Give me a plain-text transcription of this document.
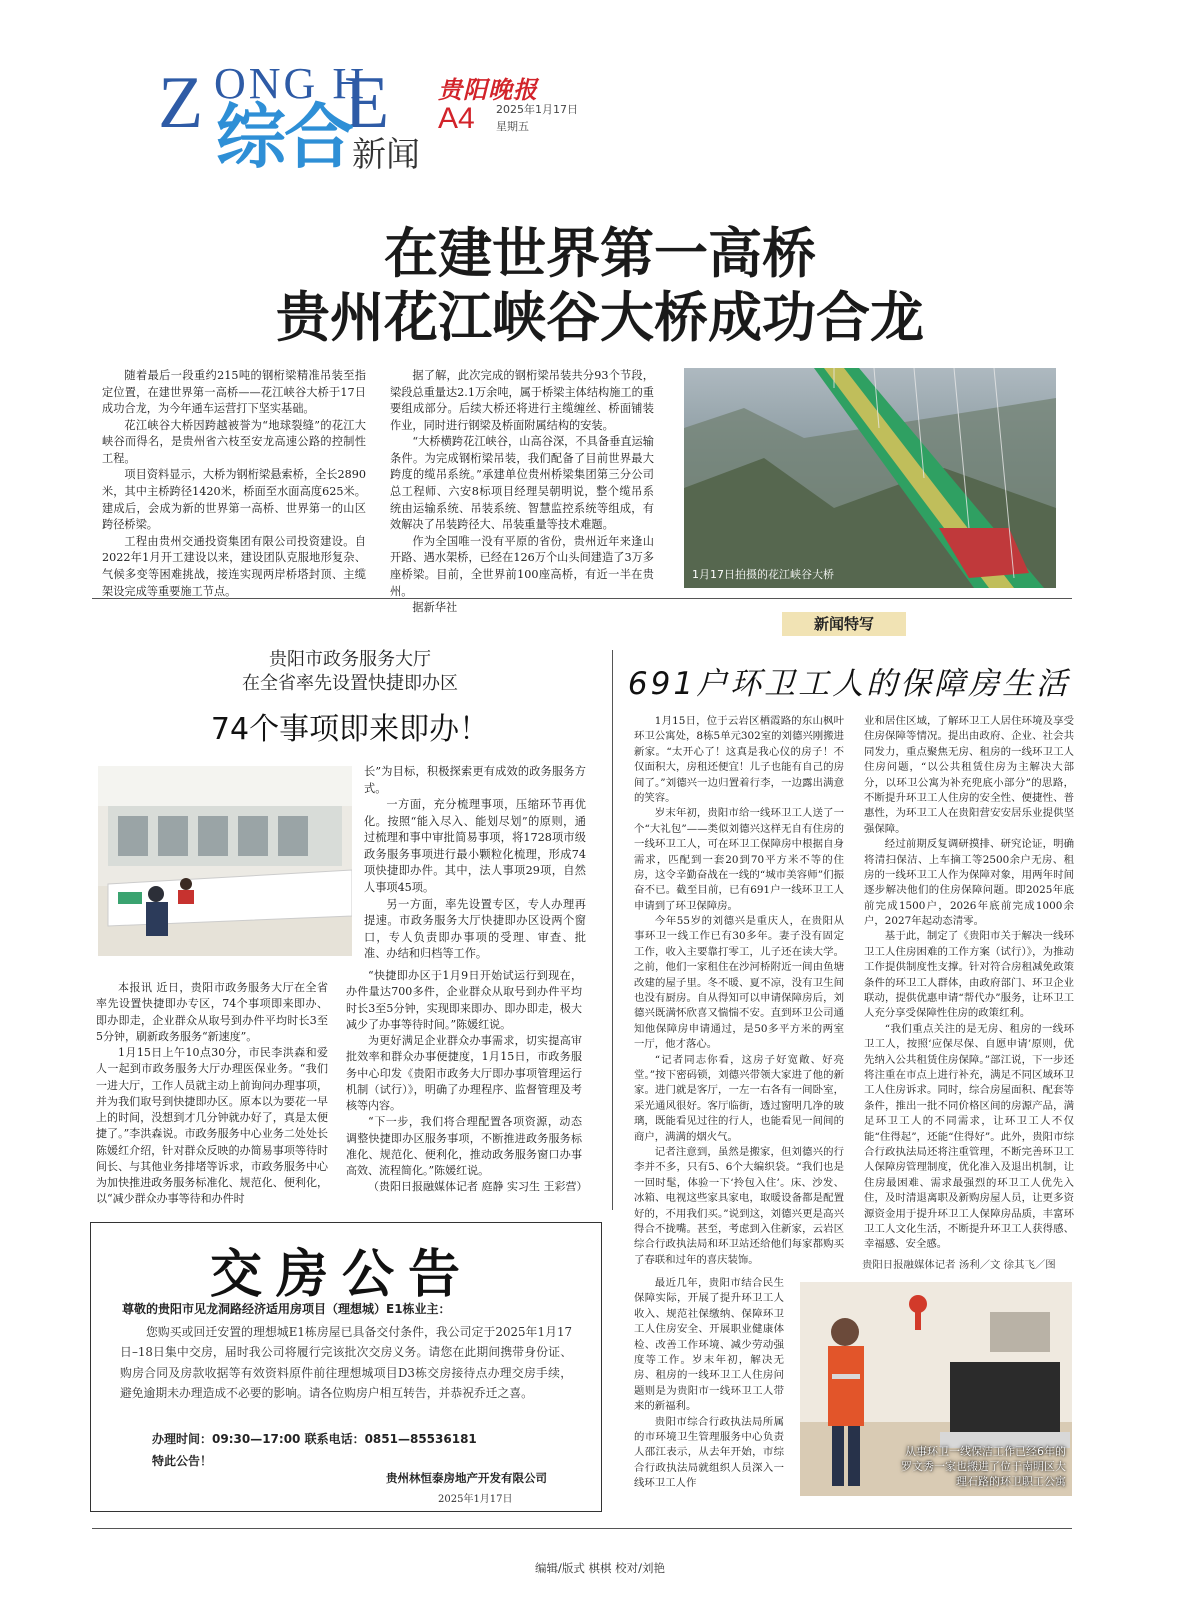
Z ONG H
E
综合 新闻
贵阳晚报
A4 2025年1月17日
星期五
在建世界第一高桥
贵州花江峡谷大桥成功合龙

随着最后一段重约215吨的钢桁梁精准吊装至指定位置，在建世界第一高桥——花江峡谷大桥于17日成功合龙，为今年通车运营打下坚实基础。

花江峡谷大桥因跨越被誉为“地球裂缝”的花江大峡谷而得名，是贵州省六枝至安龙高速公路的控制性工程。

项目资料显示，大桥为钢桁梁悬索桥，全长2890米，其中主桥跨径1420米，桥面至水面高度625米。建成后，会成为新的世界第一高桥、世界第一的山区跨径桥梁。

工程由贵州交通投资集团有限公司投资建设。自2022年1月开工建设以来，建设团队克服地形复杂、气候多变等困难挑战，接连实现两岸桥塔封顶、主缆架设完成等重要施工节点。

据了解，此次完成的钢桁梁吊装共分93个节段，梁段总重量达2.1万余吨，属于桥梁主体结构施工的重要组成部分。后续大桥还将进行主缆缠丝、桥面铺装作业，同时进行钢梁及桥面附属结构的安装。

“大桥横跨花江峡谷，山高谷深，不具备垂直运输条件。为完成钢桁梁吊装，我们配备了目前世界最大跨度的缆吊系统。”承建单位贵州桥梁集团第三分公司总工程师、六安8标项目经理吴朝明说，整个缆吊系统由运输系统、吊装系统、智慧监控系统等组成，有效解决了吊装跨径大、吊装重量等技术难题。

作为全国唯一没有平原的省份，贵州近年来逢山开路、遇水架桥，已经在126万个山头间建造了3万多座桥梁。目前，全世界前100座高桥，有近一半在贵州。

据新华社

1月17日拍摄的花江峡谷大桥
新闻特写
贵阳市政务服务大厅
在全省率先设置快捷即办区
74个事项即来即办！

长”为目标，积极探索更有成效的政务服务方式。

一方面，充分梳理事项，压缩环节再优化。按照“能入尽入、能划尽划”的原则，通过梳理和事中审批简易事项，将1728项市级政务服务事项进行最小颗粒化梳理，形成74项快捷即办件。其中，法人事项29项，自然人事项45项。

另一方面，率先设置专区，专人办理再提速。市政务服务大厅快捷即办区设两个窗口，专人负责即办事项的受理、审查、批准、办结和归档等工作。

本报讯 近日，贵阳市政务服务大厅在全省率先设置快捷即办专区，74个事项即来即办、即办即走，企业群众从取号到办件平均时长3至5分钟，刷新政务服务“新速度”。

1月15日上午10点30分，市民李洪森和爱人一起到市政务服务大厅办理医保业务。“我们一进大厅，工作人员就主动上前询问办理事项，并为我们取号到快捷即办区。原本以为要花一早上的时间，没想到才几分钟就办好了，真是太便捷了。”李洪森说。市政务服务中心业务二处处长陈媛红介绍，针对群众反映的办简易事项等待时间长、与其他业务排堵等诉求，市政务服务中心为加快推进政务服务标准化、规范化、便利化，以“减少群众办事等待和办件时

“快捷即办区于1月9日开始试运行到现在，办件量达700多件，企业群众从取号到办件平均时长3至5分钟，实现即来即办、即办即走，极大减少了办事等待时间。”陈媛红说。

为更好满足企业群众办事需求，切实提高审批效率和群众办事便捷度，1月15日，市政务服务中心印发《贵阳市政务大厅即办事项管理运行机制（试行）》，明确了办理程序、监督管理及考核等内容。

“下一步，我们将合理配置各项资源，动态调整快捷即办区服务事项，不断推进政务服务标准化、规范化、便利化，推动政务服务窗口办事高效、流程简化。”陈媛红说。

（贵阳日报融媒体记者 庭静 实习生 王彩营）

交房公告
尊敬的贵阳市见龙洞路经济适用房项目（理想城）E1栋业主：
您购买或回迁安置的理想城E1栋房屋已具备交付条件，我公司定于2025年1月17日–18日集中交房，届时我公司将履行完该批次交房义务。请您在此期间携带身份证、购房合同及房款收据等有效资料原件前往理想城项目D3栋交房接待点办理交房手续，避免逾期未办理造成不必要的影响。请各位购房户相互转告，并恭祝乔迁之喜。
办理时间：09:30—17:00 联系电话：0851—85536181
特此公告！
贵州林恒泰房地产开发有限公司
2025年1月17日
691户环卫工人的保障房生活

1月15日，位于云岩区栖霞路的东山枫叶环卫公寓处，8栋5单元302室的刘德兴刚搬进新家。“太开心了！这真是我心仪的房子！不仅面积大，房租还便宜！儿子也能有自己的房间了。”刘德兴一边归置着行李，一边露出满意的笑容。

岁末年初，贵阳市给一线环卫工人送了一个“大礼包”——类似刘德兴这样无自有住房的一线环卫工人，可在环卫工保障房中根据自身需求，匹配到一套20到70平方米不等的住房，这令辛勤奋战在一线的“城市美容师”们振奋不已。截至目前，已有691户一线环卫工人申请到了环卫保障房。

今年55岁的刘德兴是重庆人，在贵阳从事环卫一线工作已有30多年。妻子没有固定工作，收入主要靠打零工，儿子还在读大学。之前，他们一家租住在沙河桥附近一间由鱼塘改建的屋子里。冬不暖、夏不凉，没有卫生间也没有厨房。自从得知可以申请保障房后，刘德兴既满怀欣喜又惴惴不安。直到环卫公司通知他保障房申请通过，是50多平方米的两室一厅，他才落心。

“记者同志你看，这房子好宽敞、好亮堂。”按下密码锁，刘德兴带领大家进了他的新家。进门就是客厅，一左一右各有一间卧室，采光通风很好。客厅临街，透过窗明几净的玻璃，既能看见过往的行人，也能看见一间间的商户，满满的烟火气。

记者注意到，虽然是搬家，但刘德兴的行李并不多，只有5、6个大编织袋。“我们也是一回时髦，体验一下‘拎包入住’。床、沙发、冰箱、电视这些家具家电，取暖设备都是配置好的，不用我们买。”说到这，刘德兴更是高兴得合不拢嘴。甚至，考虑到入住新家，云岩区综合行政执法局和环卫站还给他们每家都购买了春联和过年的喜庆装饰。

业和居住区域，了解环卫工人居住环境及享受住房保障等情况。提出由政府、企业、社会共同发力，重点聚焦无房、租房的一线环卫工人住房问题，“以公共租赁住房为主解决大部分，以环卫公寓为补充兜底小部分”的思路，不断提升环卫工人住房的安全性、便捷性、普惠性，为环卫工人在贵阳营安安居乐业提供坚强保障。

经过前期反复调研摸排、研究论证，明确将清扫保洁、上车摘工等2500余户无房、租房的一线环卫工人作为保障对象，用两年时间逐步解决他们的住房保障问题。即2025年底前完成1500户，2026年底前完成1000余户，2027年起动态清零。

基于此，制定了《贵阳市关于解决一线环卫工人住房困难的工作方案（试行）》，为推动工作提供制度性支撑。针对符合房租减免政策条件的环卫工人群体，由政府部门、环卫企业联动，提供优惠申请“帮代办”服务，让环卫工人充分享受保障性住房的政策红利。

“我们重点关注的是无房、租房的一线环卫工人，按照‘应保尽保、自愿申请’原则，优先纳入公共租赁住房保障。”部江说，下一步还将注重在市点上进行补充，满足不同区域环卫工人住房诉求。同时，综合房屋面积、配套等条件，推出一批不同价格区间的房源产品，满足环卫工人的不同需求，让环卫工人不仅能“住得起”，还能“住得好”。此外，贵阳市综合行政执法局还将注重管理，不断完善环卫工人保障房管理制度，优化准入及退出机制，让住房最困难、需求最强烈的环卫工人优先入住，及时清退离职及新购房屋人员，让更多资源资金用于提升环卫工人保障房品质，丰富环卫工人文化生活，不断提升环卫工人获得感、幸福感、安全感。

贵阳日报融媒体记者 汤利／文 徐其飞／图

最近几年，贵阳市结合民生保障实际，开展了提升环卫工人收入、规范社保缴纳、保障环卫工人住房安全、开展职业健康体检、改善工作环境、减少劳动强度等工作。岁末年初，解决无房、租房的一线环卫工人住房问题则是为贵阳市一线环卫工人带来的新福利。

贵阳市综合行政执法局所属的市环境卫生管理服务中心负责人邵江表示，从去年开始，市综合行政执法局就组织人员深入一线环卫工人作

从事环卫一线保洁工作已经6年的罗文秀一家也搬进了位于南明区大理石路的环卫职工公寓
编辑/版式 棋棋 校对/刘艳
